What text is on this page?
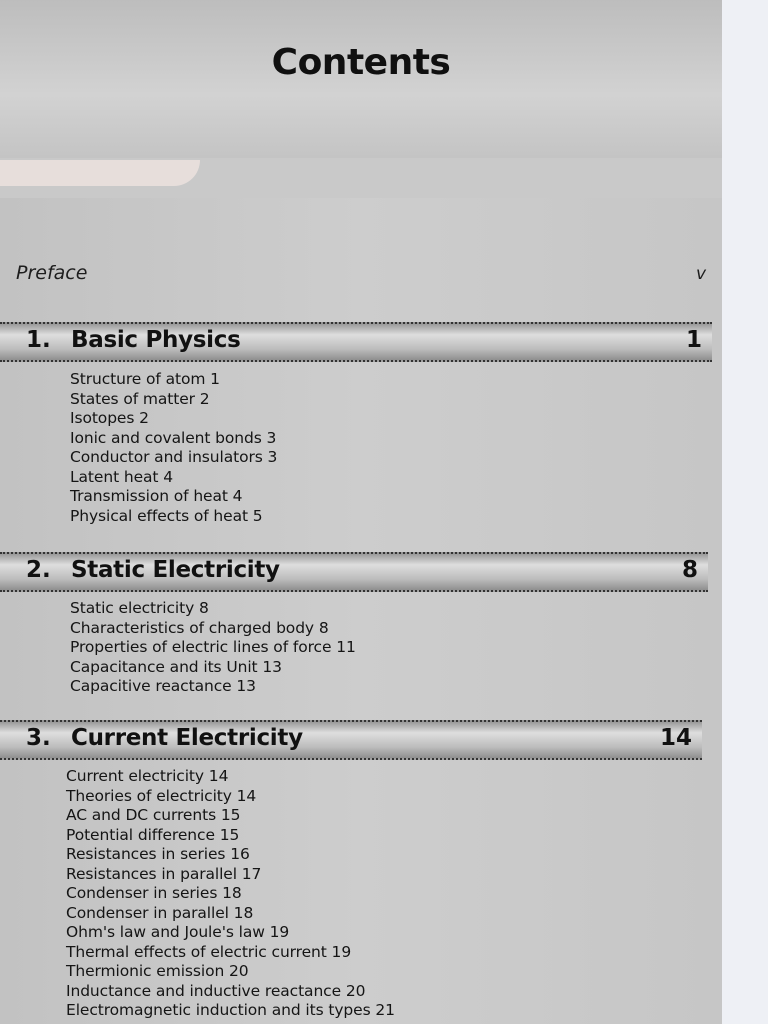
Contents
Preface	v
1. Basic Physics	1
Structure of atom 1
States of matter 2
Isotopes 2
Ionic and covalent bonds 3
Conductor and insulators 3
Latent heat 4
Transmission of heat 4
Physical effects of heat 5
2. Static Electricity	8
Static electricity 8
Characteristics of charged body 8
Properties of electric lines of force 11
Capacitance and its Unit 13
Capacitive reactance 13
3. Current Electricity	14
Current electricity 14
Theories of electricity 14
AC and DC currents 15
Potential difference 15
Resistances in series 16
Resistances in parallel 17
Condenser in series 18
Condenser in parallel 18
Ohm's law and Joule's law 19
Thermal effects of electric current 19
Thermionic emission 20
Inductance and inductive reactance 20
Electromagnetic induction and its types 21
